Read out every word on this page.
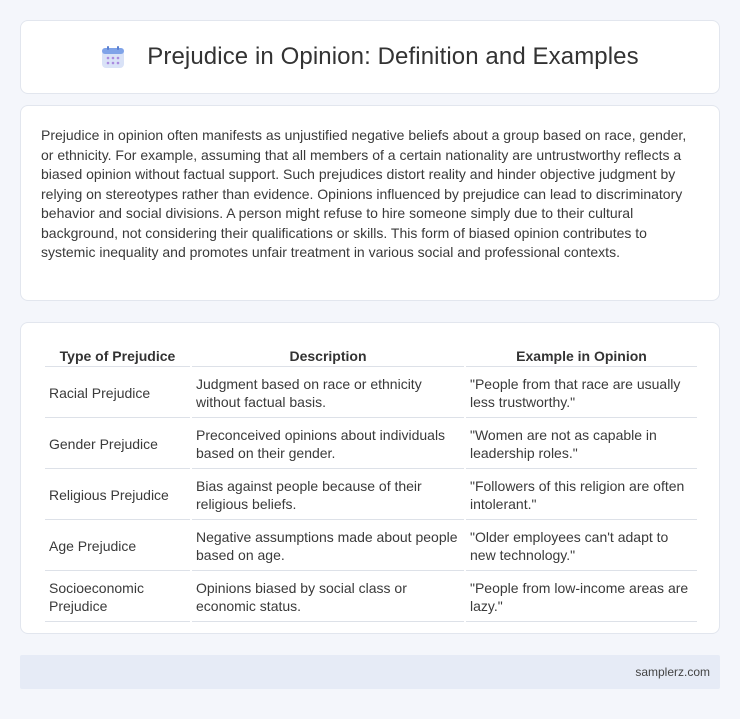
Prejudice in Opinion: Definition and Examples

Prejudice in opinion often manifests as unjustified negative beliefs about a group based on race, gender, or ethnicity. For example, assuming that all members of a certain nationality are untrustworthy reflects a biased opinion without factual support. Such prejudices distort reality and hinder objective judgment by relying on stereotypes rather than evidence. Opinions influenced by prejudice can lead to discriminatory behavior and social divisions. A person might refuse to hire someone simply due to their cultural background, not considering their qualifications or skills. This form of biased opinion contributes to systemic inequality and promotes unfair treatment in various social and professional contexts.

Type of Prejudice	Description	Example in Opinion
Racial Prejudice	Judgment based on race or ethnicity without factual basis.	"People from that race are usually less trustworthy."
Gender Prejudice	Preconceived opinions about individuals based on their gender.	"Women are not as capable in leadership roles."
Religious Prejudice	Bias against people because of their religious beliefs.	"Followers of this religion are often intolerant."
Age Prejudice	Negative assumptions made about people based on age.	"Older employees can't adapt to new technology."
Socioeconomic Prejudice	Opinions biased by social class or economic status.	"People from low-income areas are lazy."
samplerz.com
